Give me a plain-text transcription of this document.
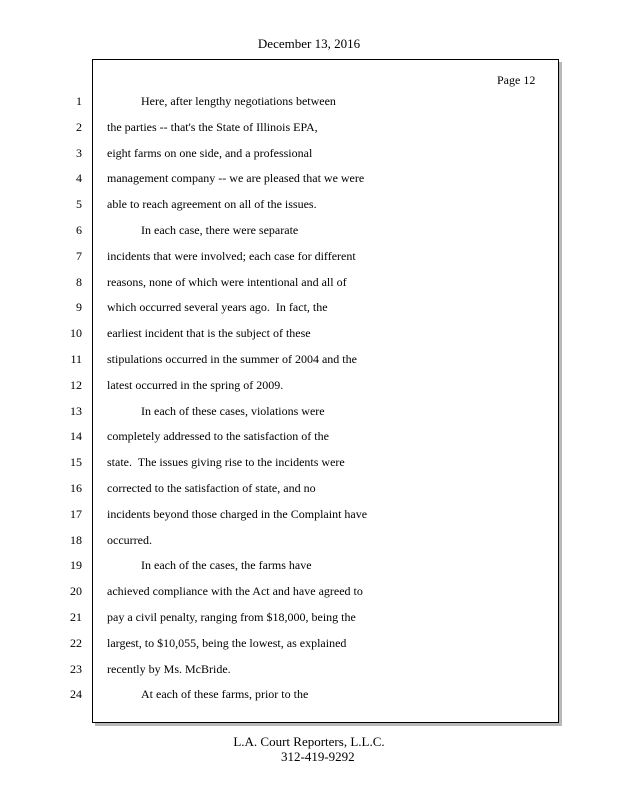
December 13, 2016
Page 12
1
2
3
4
5
6
7
8
9
10
11
12
13
14
15
16
17
18
19
20
21
22
23
24
Here, after lengthy negotiations between
the parties -- that's the State of Illinois EPA,
eight farms on one side, and a professional
management company -- we are pleased that we were
able to reach agreement on all of the issues.
In each case, there were separate
incidents that were involved; each case for different
reasons, none of which were intentional and all of
which occurred several years ago.  In fact, the
earliest incident that is the subject of these
stipulations occurred in the summer of 2004 and the
latest occurred in the spring of 2009.
In each of these cases, violations were
completely addressed to the satisfaction of the
state.  The issues giving rise to the incidents were
corrected to the satisfaction of state, and no
incidents beyond those charged in the Complaint have
occurred.
In each of the cases, the farms have
achieved compliance with the Act and have agreed to
pay a civil penalty, ranging from $18,000, being the
largest, to $10,055, being the lowest, as explained
recently by Ms. McBride.
At each of these farms, prior to the
L.A. Court Reporters, L.L.C.
312-419-9292
